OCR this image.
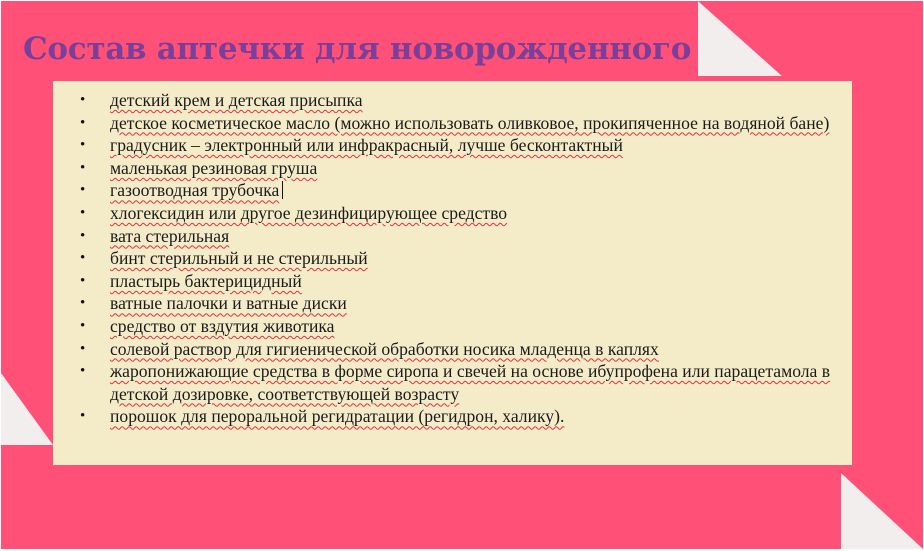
Состав аптечки для новорожденного
• детский крем и детская присыпка
• детское косметическое масло (можно использовать оливковое, прокипяченное на водяной бане)
• градусник – электронный или инфракрасный, лучше бесконтактный
• маленькая резиновая груша
• газоотводная трубочка
• хлогексидин или другое дезинфицирующее средство
• вата стерильная
• бинт стерильный и не стерильный
• пластырь бактерицидный
• ватные палочки и ватные диски
• средство от вздутия животика
• солевой раствор для гигиенической обработки носика младенца в каплях
• жаропонижающие средства в форме сиропа и свечей на основе ибупрофена или парацетамола в детской дозировке, соответствующей возрасту
• порошок для пероральной регидратации (регидрон, халику).
